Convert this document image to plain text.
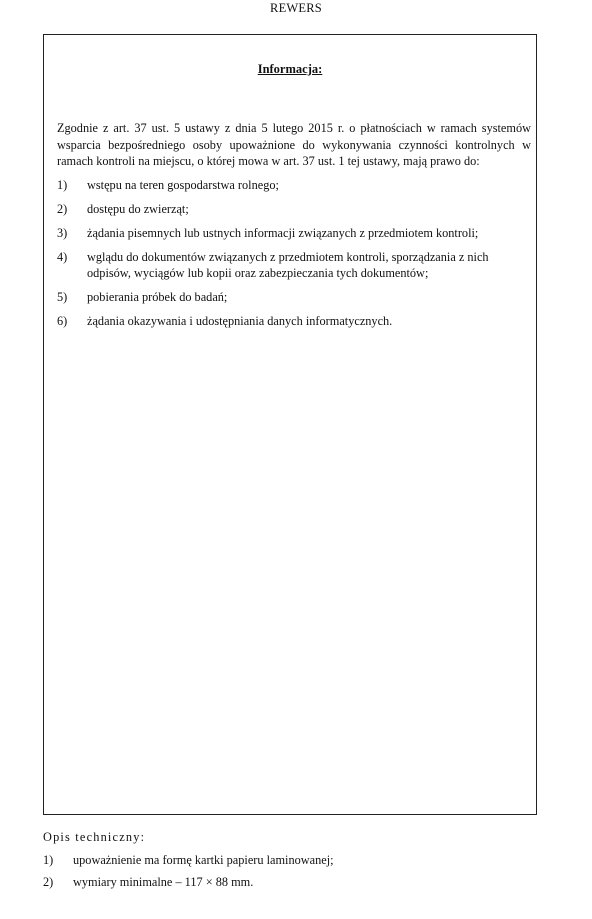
REWERS
Informacja:

Zgodnie z art. 37 ust. 5 ustawy z dnia 5 lutego 2015 r. o płatnościach w ramach systemów wsparcia bezpośredniego osoby upoważnione do wykonywania czynności kontrolnych w ramach kontroli na miejscu, o której mowa w art. 37 ust. 1 tej ustawy, mają prawo do:

1)	wstępu na teren gospodarstwa rolnego;
2)	dostępu do zwierząt;
3)	żądania pisemnych lub ustnych informacji związanych z przedmiotem kontroli;
4)	wglądu do dokumentów związanych z przedmiotem kontroli, sporządzania z nich odpisów, wyciągów lub kopii oraz zabezpieczania tych dokumentów;
5)	pobierania próbek do badań;
6)	żądania okazywania i udostępniania danych informatycznych.
Opis techniczny:
1)	upoważnienie ma formę kartki papieru laminowanej;
2)	wymiary minimalne – 117 × 88 mm.
